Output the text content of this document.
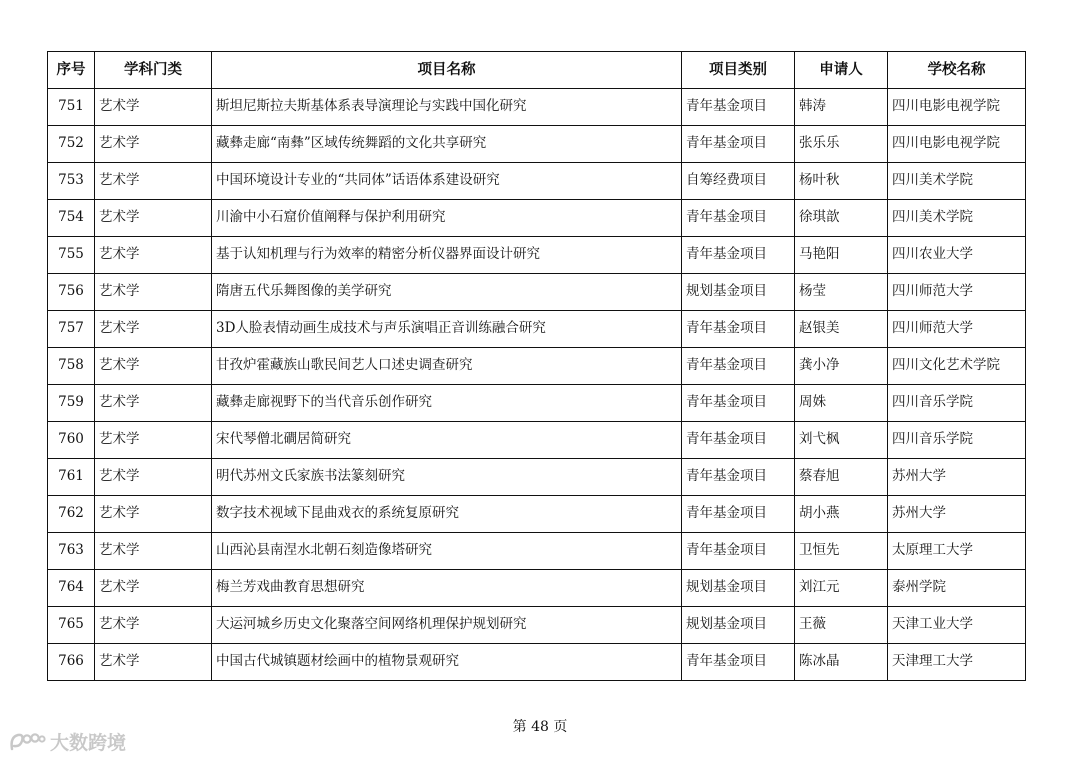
序号	学科门类	项目名称	项目类别	申请人	学校名称
751	艺术学	斯坦尼斯拉夫斯基体系表导演理论与实践中国化研究	青年基金项目	韩涛	四川电影电视学院
752	艺术学	藏彝走廊“南彝”区域传统舞蹈的文化共享研究	青年基金项目	张乐乐	四川电影电视学院
753	艺术学	中国环境设计专业的“共同体”话语体系建设研究	自筹经费项目	杨叶秋	四川美术学院
754	艺术学	川渝中小石窟价值阐释与保护利用研究	青年基金项目	徐琪歆	四川美术学院
755	艺术学	基于认知机理与行为效率的精密分析仪器界面设计研究	青年基金项目	马艳阳	四川农业大学
756	艺术学	隋唐五代乐舞图像的美学研究	规划基金项目	杨莹	四川师范大学
757	艺术学	3D人脸表情动画生成技术与声乐演唱正音训练融合研究	青年基金项目	赵银美	四川师范大学
758	艺术学	甘孜炉霍藏族山歌民间艺人口述史调查研究	青年基金项目	龚小净	四川文化艺术学院
759	艺术学	藏彝走廊视野下的当代音乐创作研究	青年基金项目	周姝	四川音乐学院
760	艺术学	宋代琴僧北磵居简研究	青年基金项目	刘弋枫	四川音乐学院
761	艺术学	明代苏州文氏家族书法篆刻研究	青年基金项目	蔡春旭	苏州大学
762	艺术学	数字技术视域下昆曲戏衣的系统复原研究	青年基金项目	胡小燕	苏州大学
763	艺术学	山西沁县南涅水北朝石刻造像塔研究	青年基金项目	卫恒先	太原理工大学
764	艺术学	梅兰芳戏曲教育思想研究	规划基金项目	刘江元	泰州学院
765	艺术学	大运河城乡历史文化聚落空间网络机理保护规划研究	规划基金项目	王薇	天津工业大学
766	艺术学	中国古代城镇题材绘画中的植物景观研究	青年基金项目	陈冰晶	天津理工大学
第 48 页
大数跨境
